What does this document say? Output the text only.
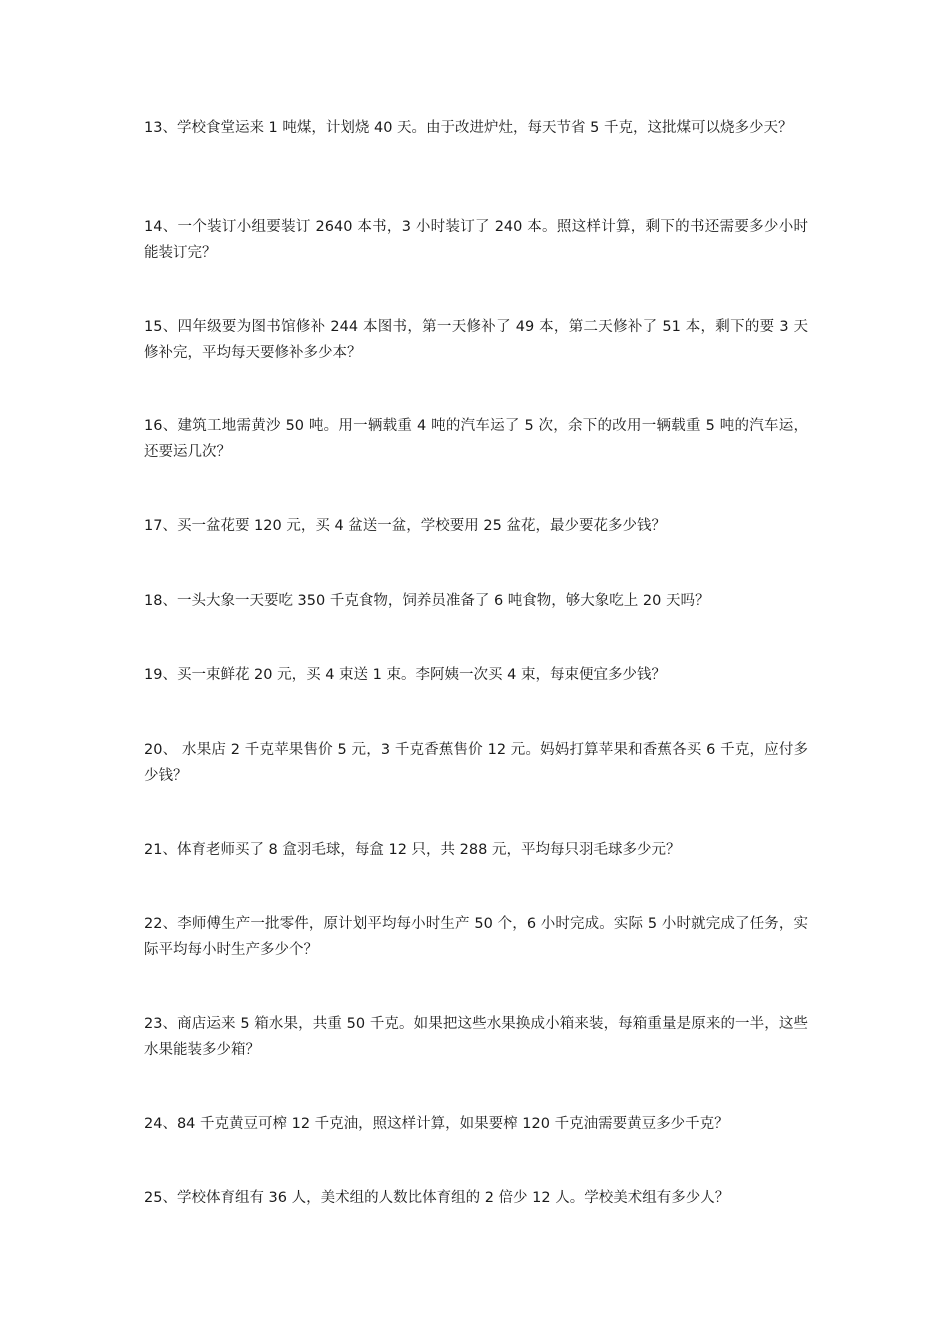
13、学校食堂运来 1 吨煤，计划烧 40 天。由于改进炉灶，每天节省 5 千克，这批煤可以烧多少天？

14、一个装订小组要装订 2640 本书，3 小时装订了 240 本。照这样计算，剩下的书还需要多少小时能装订完？

15、四年级要为图书馆修补 244 本图书，第一天修补了 49 本，第二天修补了 51 本，剩下的要 3 天修补完，平均每天要修补多少本？

16、建筑工地需黄沙 50 吨。用一辆载重 4 吨的汽车运了 5 次，余下的改用一辆载重 5 吨的汽车运，还要运几次？

17、买一盆花要 120 元，买 4 盆送一盆，学校要用 25 盆花，最少要花多少钱？

18、一头大象一天要吃 350 千克食物，饲养员准备了 6 吨食物，够大象吃上 20 天吗？

19、买一束鲜花 20 元，买 4 束送 1 束。李阿姨一次买 4 束，每束便宜多少钱？

20、 水果店 2 千克苹果售价 5 元，3 千克香蕉售价 12 元。妈妈打算苹果和香蕉各买 6 千克，应付多少钱？

21、体育老师买了 8 盒羽毛球，每盒 12 只，共 288 元，平均每只羽毛球多少元？

22、李师傅生产一批零件，原计划平均每小时生产 50 个，6 小时完成。实际 5 小时就完成了任务，实际平均每小时生产多少个？

23、商店运来 5 箱水果，共重 50 千克。如果把这些水果换成小箱来装，每箱重量是原来的一半，这些水果能装多少箱？

24、84 千克黄豆可榨 12 千克油，照这样计算，如果要榨 120 千克油需要黄豆多少千克？

25、学校体育组有 36 人，美术组的人数比体育组的 2 倍少 12 人。学校美术组有多少人？
